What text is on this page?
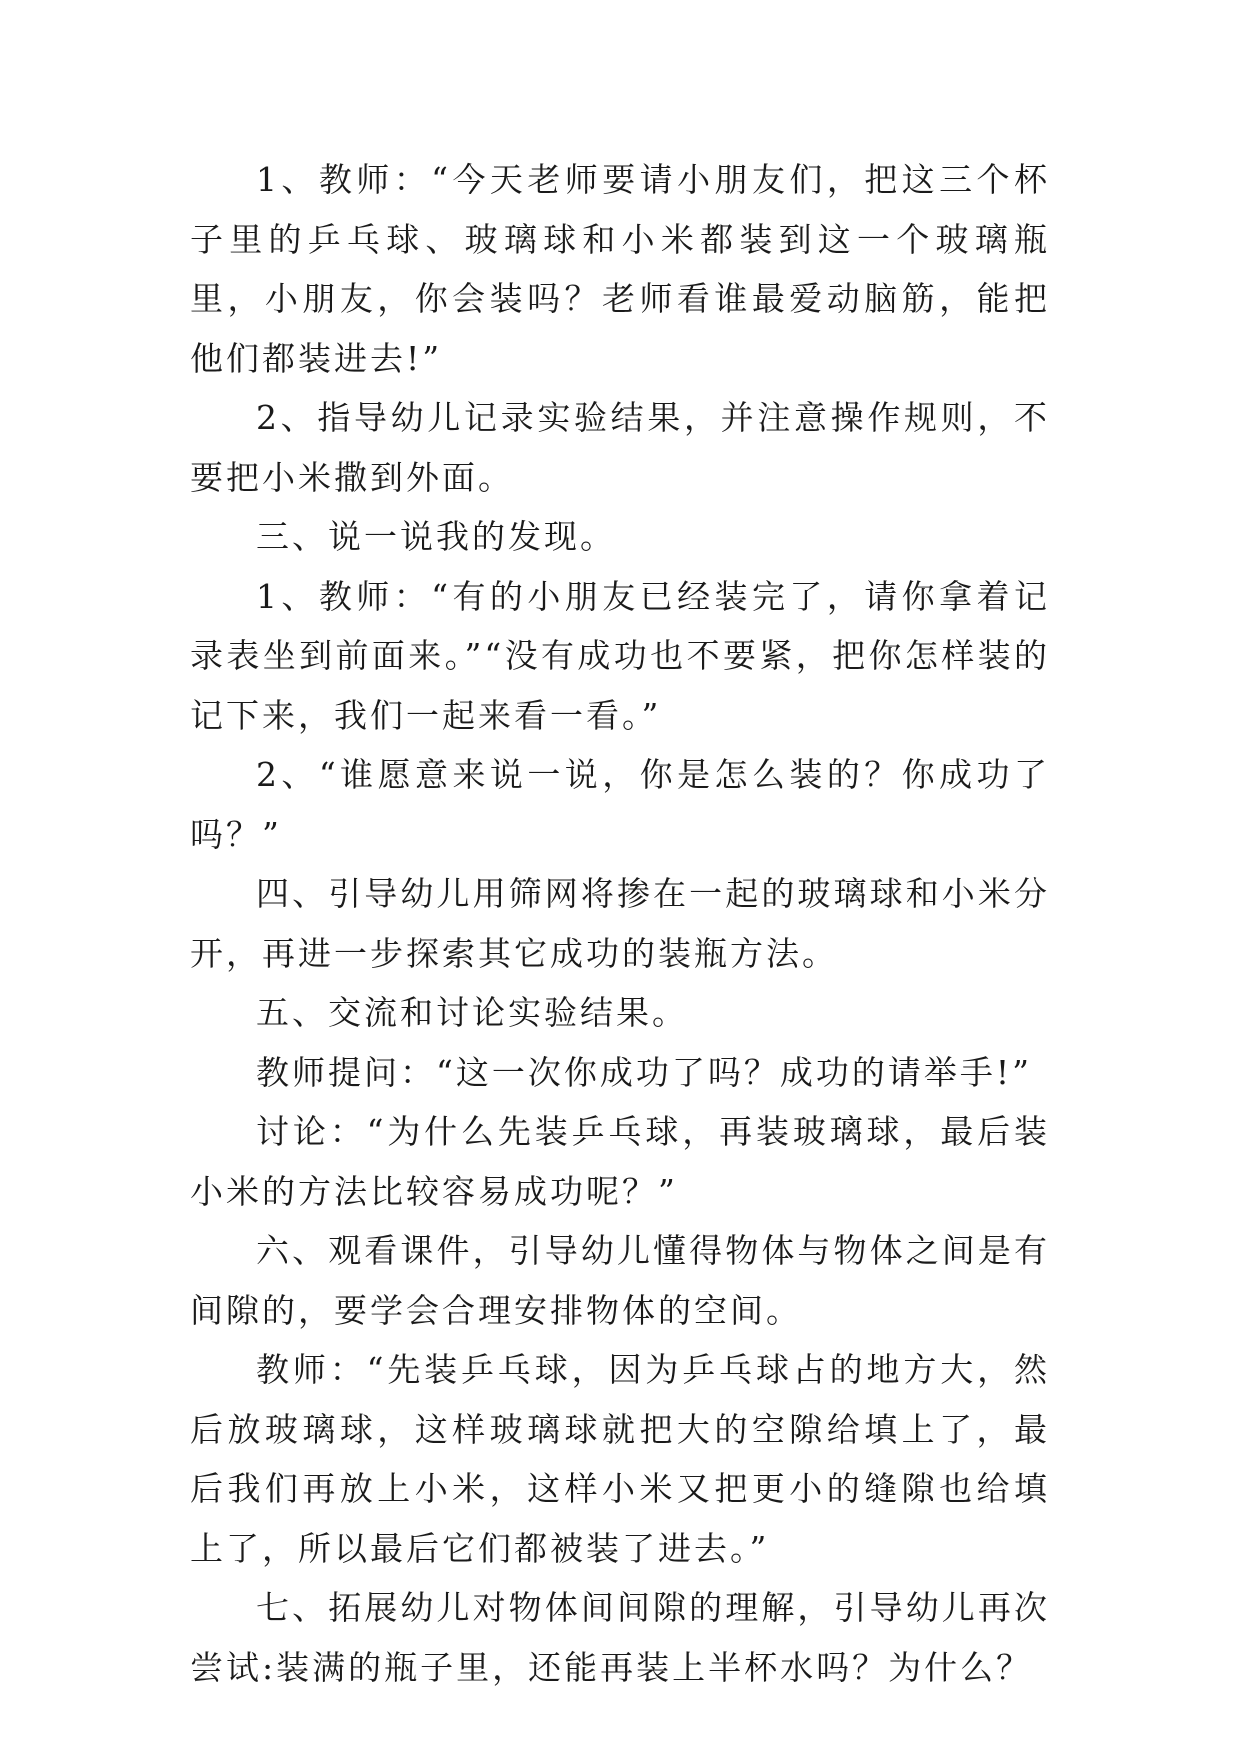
1、教师：“今天老师要请小朋友们，把这三个杯子里的乒乓球、玻璃球和小米都装到这一个玻璃瓶里，小朋友，你会装吗？老师看谁最爱动脑筋，能把他们都装进去!”

2、指导幼儿记录实验结果，并注意操作规则，不要把小米撒到外面。

三、说一说我的发现。

1、教师：“有的小朋友已经装完了，请你拿着记录表坐到前面来。”“没有成功也不要紧，把你怎样装的记下来，我们一起来看一看。”

2、“谁愿意来说一说，你是怎么装的？你成功了吗？”

四、引导幼儿用筛网将掺在一起的玻璃球和小米分开，再进一步探索其它成功的装瓶方法。

五、交流和讨论实验结果。

教师提问：“这一次你成功了吗？成功的请举手!”

讨论：“为什么先装乒乓球，再装玻璃球，最后装小米的方法比较容易成功呢？”

六、观看课件，引导幼儿懂得物体与物体之间是有间隙的，要学会合理安排物体的空间。

教师：“先装乒乓球，因为乒乓球占的地方大，然后放玻璃球，这样玻璃球就把大的空隙给填上了，最后我们再放上小米，这样小米又把更小的缝隙也给填上了，所以最后它们都被装了进去。”

七、拓展幼儿对物体间间隙的理解，引导幼儿再次尝试:装满的瓶子里，还能再装上半杯水吗？为什么？
